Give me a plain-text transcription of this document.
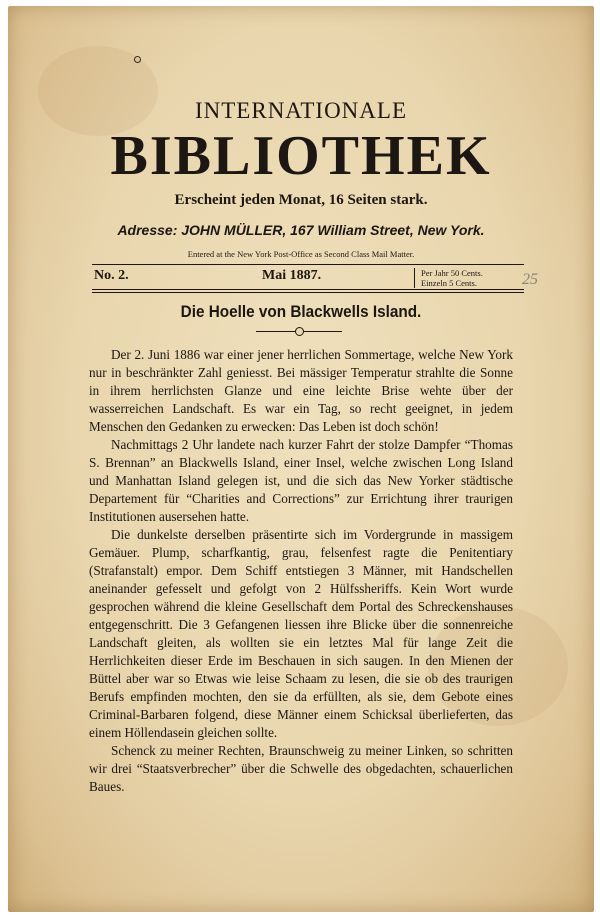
INTERNATIONALE
BIBLIOTHEK
Erscheint jeden Monat, 16 Seiten stark.
Adresse: JOHN MÜLLER, 167 William Street, New York.
Entered at the New York Post-Office as Second Class Mail Matter.
No. 2.	Mai 1887.	Per Jahr 50 Cents.
Einzeln 5 Cents.	25
Die Hoelle von Blackwells Island.

Der 2. Juni 1886 war einer jener herrlichen Sommertage, welche New York nur in beschränkter Zahl geniesst. Bei mässiger Temperatur strahlte die Sonne in ihrem herrlichsten Glanze und eine leichte Brise wehte über der wasserreichen Landschaft. Es war ein Tag, so recht geeignet, in jedem Menschen den Gedanken zu erwecken: Das Leben ist doch schön!

Nachmittags 2 Uhr landete nach kurzer Fahrt der stolze Dampfer “Thomas S. Brennan” an Blackwells Island, einer Insel, welche zwischen Long Island und Manhattan Island gelegen ist, und die sich das New Yorker städtische Departement für “Charities and Corrections” zur Errichtung ihrer traurigen Institutionen ausersehen hatte.

Die dunkelste derselben präsentirte sich im Vordergrunde in massigem Gemäuer. Plump, scharfkantig, grau, felsenfest ragte die Penitentiary (Strafanstalt) empor. Dem Schiff entstiegen 3 Männer, mit Handschellen aneinander gefesselt und gefolgt von 2 Hülfssheriffs. Kein Wort wurde gesprochen während die kleine Gesellschaft dem Portal des Schreckenshauses entgegenschritt. Die 3 Gefangenen liessen ihre Blicke über die sonnenreiche Landschaft gleiten, als wollten sie ein letztes Mal für lange Zeit die Herrlichkeiten dieser Erde im Beschauen in sich saugen. In den Mienen der Büttel aber war so Etwas wie leise Schaam zu lesen, die sie ob des traurigen Berufs empfinden mochten, den sie da erfüllten, als sie, dem Gebote eines Criminal-Barbaren folgend, diese Männer einem Schicksal überlieferten, das einem Höllendasein gleichen sollte.

Schenck zu meiner Rechten, Braunschweig zu meiner Linken, so schritten wir drei “Staatsverbrecher” über die Schwelle des obgedachten, schauerlichen Baues.
